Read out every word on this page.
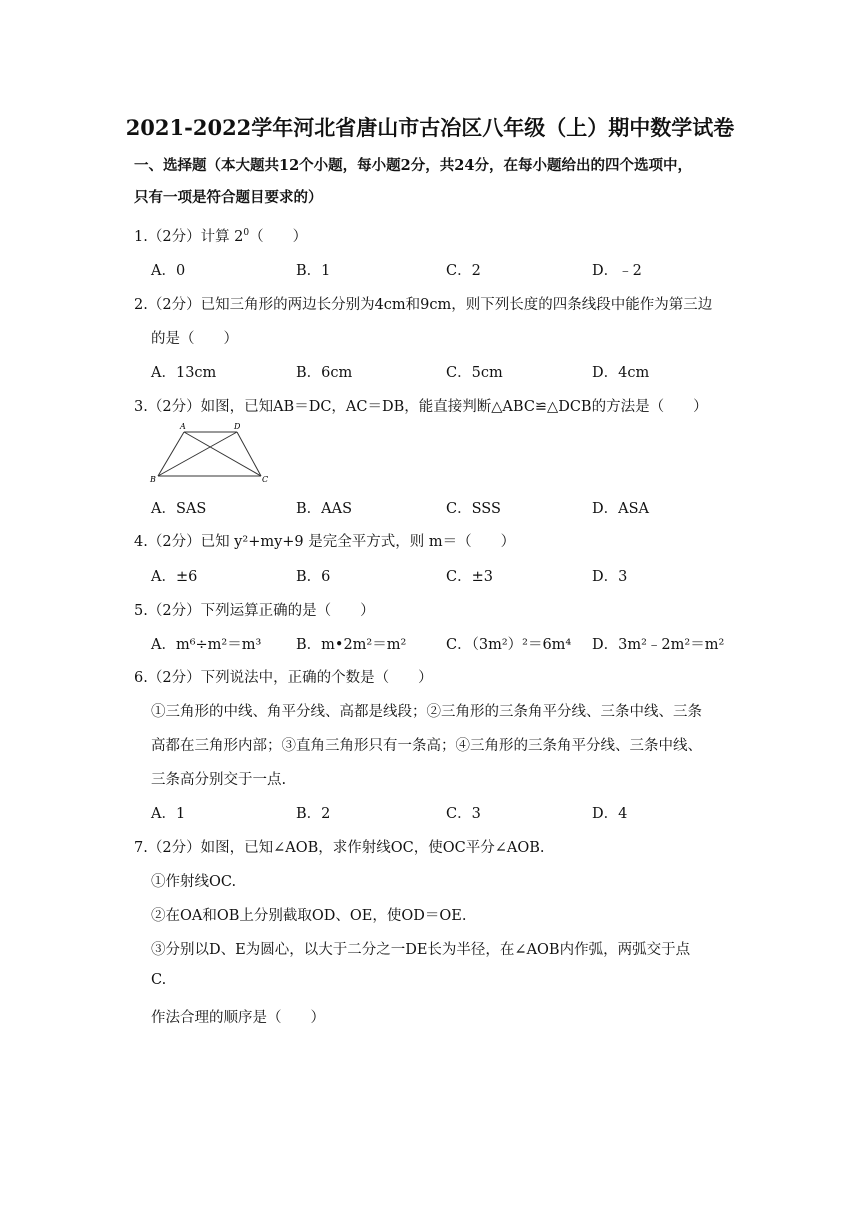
2021-2022学年河北省唐山市古冶区八年级（上）期中数学试卷
一、选择题（本大题共12个小题，每小题2分，共24分，在每小题给出的四个选项中，
只有一项是符合题目要求的）
1.（2分）计算 $2^0$（　　）
A．0	B．1	C．2	D．﹣2
2.（2分）已知三角形的两边长分别为4cm和9cm，则下列长度的四条线段中能作为第三边
的是（　　）
A．13cm	B．6cm	C．5cm	D．4cm
3.（2分）如图，已知AB＝DC，AC＝DB，能直接判断△ABC≌△DCB的方法是（　　）
A	D
B	C
A．SAS	B．AAS	C．SSS	D．ASA
4.（2分）已知 y²+my+9 是完全平方式，则 m＝（　　）
A．±6	B．6	C．±3	D．3
5.（2分）下列运算正确的是（　　）
A．m⁶÷m²＝m³ B．m•2m²＝m²	C．（3m²）²＝6m⁴ D．3m²﹣2m²＝m²
6.（2分）下列说法中，正确的个数是（　　）
①三角形的中线、角平分线、高都是线段；②三角形的三条角平分线、三条中线、三条
高都在三角形内部；③直角三角形只有一条高；④三角形的三条角平分线、三条中线、
三条高分别交于一点.
A．1	B．2	C．3	D．4
7.（2分）如图，已知∠AOB，求作射线OC，使OC平分∠AOB.
①作射线OC.
②在OA和OB上分别截取OD、OE，使OD＝OE.
③分别以D、E为圆心，以大于二分之一DE长为半径，在∠AOB内作弧，两弧交于点
C.
作法合理的顺序是（　　）
